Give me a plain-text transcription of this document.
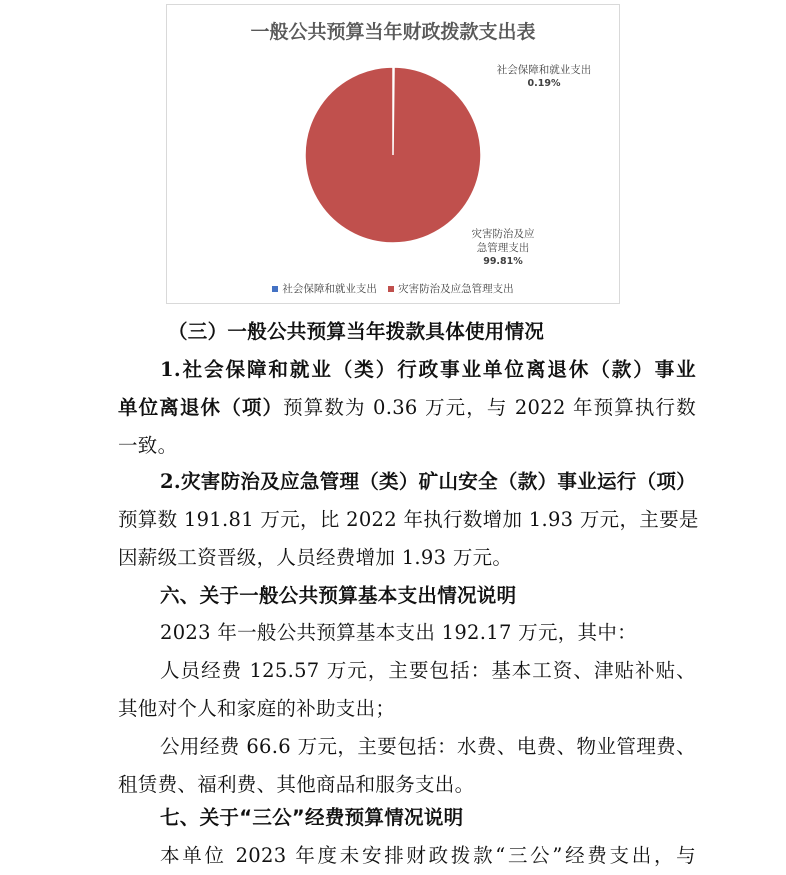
一般公共预算当年财政拨款支出表
社会保障和就业支出
0.19%
灾害防治及应
急管理支出
99.81%
社会保障和就业支出 灾害防治及应急管理支出
（三）一般公共预算当年拨款具体使用情况
1.社会保障和就业（类）行政事业单位离退休（款）事业
单位离退休（项）预算数为 0.36 万元，与 2022 年预算执行数
一致。
2.灾害防治及应急管理（类）矿山安全（款）事业运行（项）
预算数 191.81 万元，比 2022 年执行数增加 1.93 万元，主要是
因薪级工资晋级，人员经费增加 1.93 万元。
六、关于一般公共预算基本支出情况说明
2023 年一般公共预算基本支出 192.17 万元，其中：
人员经费 125.57 万元，主要包括：基本工资、津贴补贴、
其他对个人和家庭的补助支出；
公用经费 66.6 万元，主要包括：水费、电费、物业管理费、
租赁费、福利费、其他商品和服务支出。
七、关于“三公”经费预算情况说明
本单位 2023 年度未安排财政拨款“三公”经费支出，与
